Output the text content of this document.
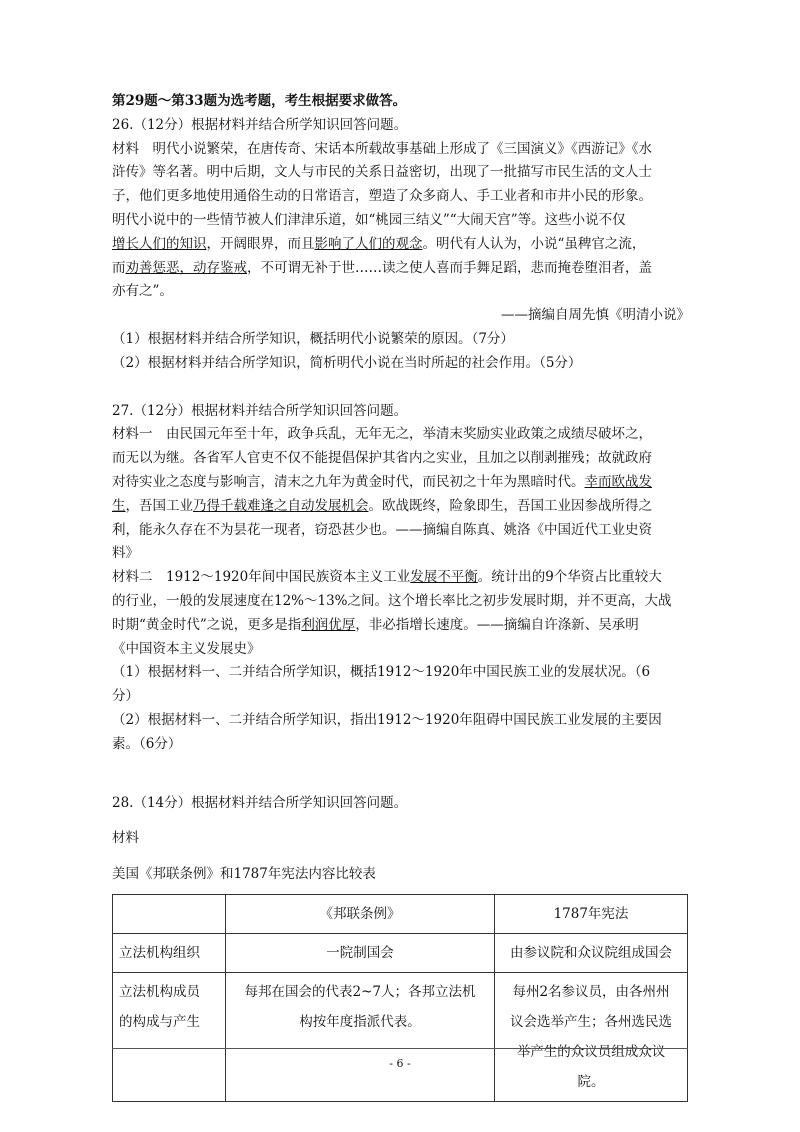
第29题～第33题为选考题，考生根据要求做答。
26.（12分）根据材料并结合所学知识回答问题。
材料　明代小说繁荣，在唐传奇、宋话本所载故事基础上形成了《三国演义》《西游记》《水
浒传》等名著。明中后期，文人与市民的关系日益密切，出现了一批描写市民生活的文人士
子，他们更多地使用通俗生动的日常语言，塑造了众多商人、手工业者和市井小民的形象。
明代小说中的一些情节被人们津津乐道，如“桃园三结义”“大闹天宫”等。这些小说不仅
增长人们的知识，开阔眼界，而且影响了人们的观念。明代有人认为，小说“虽稗官之流，
而劝善惩恶，动存鉴戒，不可谓无补于世……读之使人喜而手舞足蹈，悲而掩卷堕泪者，盖
亦有之”。
——摘编自周先慎《明清小说》
（1）根据材料并结合所学知识，概括明代小说繁荣的原因。（7分）
（2）根据材料并结合所学知识，简析明代小说在当时所起的社会作用。（5分）
27.（12分）根据材料并结合所学知识回答问题。
材料一　由民国元年至十年，政争兵乱，无年无之，举清末奖励实业政策之成绩尽破坏之，
而无以为继。各省军人官吏不仅不能提倡保护其省内之实业，且加之以削剥摧残；故就政府
对待实业之态度与影响言，清末之九年为黄金时代，而民初之十年为黑暗时代。幸而欧战发
生，吾国工业乃得千载难逢之自动发展机会。欧战既终，险象即生，吾国工业因参战所得之
利，能永久存在不为昙花一现者，窃恐甚少也。——摘编自陈真、姚洛《中国近代工业史资
料》
材料二　1912～1920年间中国民族资本主义工业发展不平衡。统计出的9个华资占比重较大
的行业，一般的发展速度在12%～13%之间。这个增长率比之初步发展时期，并不更高，大战
时期“黄金时代”之说，更多是指利润优厚，非必指增长速度。——摘编自许涤新、吴承明
《中国资本主义发展史》
（1）根据材料一、二并结合所学知识，概括1912～1920年中国民族工业的发展状况。（6
分）
（2）根据材料一、二并结合所学知识，指出1912～1920年阻碍中国民族工业发展的主要因
素。（6分）
28.（14分）根据材料并结合所学知识回答问题。
材料
美国《邦联条例》和1787年宪法内容比较表
	《邦联条例》	1787年宪法
立法机构组织	一院制国会	由参议院和众议院组成国会
立法机构成员的构成与产生	每邦在国会的代表2~7人；各邦立法机构按年度指派代表。	每州2名参议员，由各州州议会选举产生；各州选民选举产生的众议员组成众议院。
- 6 -
